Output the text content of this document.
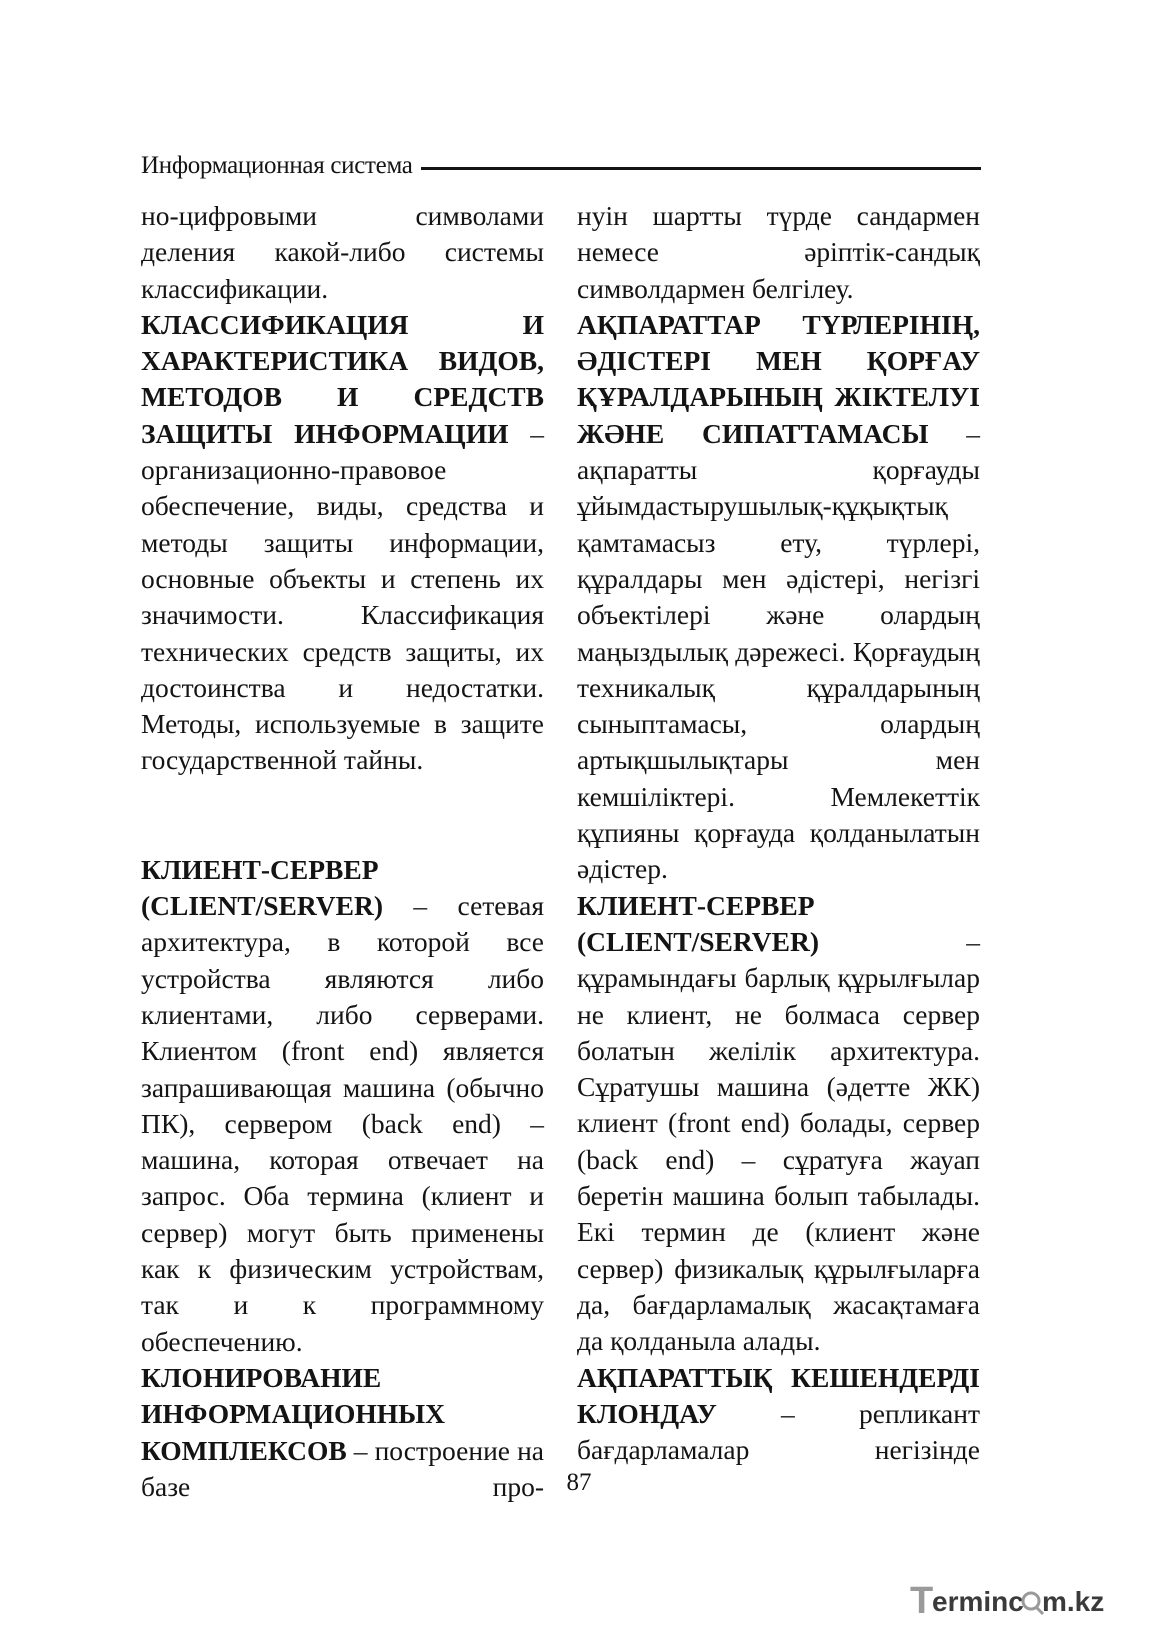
Информационная система

но-цифровыми символами деления какой-либо системы классификации.

КЛАССИФИКАЦИЯ И ХАРАКТЕРИСТИКА ВИДОВ, МЕТОДОВ И СРЕДСТВ ЗАЩИТЫ ИНФОРМАЦИИ – организационно-правовое обеспечение, виды, средства и методы защиты информации, основные объекты и степень их значимости. Классификация технических средств защиты, их достоинства и недостатки. Методы, используемые в защите государственной тайны.

КЛИЕНТ-СЕРВЕР (CLIENT/SERVER) – сетевая архитектура, в которой все устройства являются либо клиентами, либо серверами. Клиентом (front end) является запрашивающая машина (обычно ПК), сервером (back end) – машина, которая отвечает на запрос. Оба термина (клиент и сервер) могут быть применены как к физическим устройствам, так и к программному обеспечению.

КЛОНИРОВАНИЕ ИНФОРМАЦИОННЫХ КОМПЛЕКСОВ – построение на базе про-

нуін шартты түрде сандармен немесе әріптік-сандық символдармен белгілеу.

АҚПАРАТТАР ТҮРЛЕРІНІҢ, ӘДІСТЕРІ МЕН ҚОРҒАУ ҚҰРАЛДАРЫНЫҢ ЖІКТЕЛУІ ЖӘНЕ СИПАТТАМАСЫ – ақпаратты қорғауды ұйымдастырушылық-құқықтық қамтамасыз ету, түрлері, құралдары мен әдістері, негізгі объектілері және олардың маңыздылық дәрежесі. Қорғаудың техникалық құралдарының сыныптамасы, олардың артықшылықтары мен кемшіліктері. Мемлекеттік құпияны қорғауда қолданылатын әдістер.

КЛИЕНТ-СЕРВЕР (CLIENT/SERVER) – құрамындағы барлық құрылғылар не клиент, не болмаса сервер болатын желілік архитектура. Сұратушы машина (әдетте ЖК) клиент (front end) болады, сервер (back end) – сұратуға жауап беретін машина болып табылады. Екі термин де (клиент және сервер) физикалық құрылғыларға да, бағдарламалық жасақтамаға да қолданыла алады.

АҚПАРАТТЫҚ КЕШЕНДЕРДІ КЛОНДАУ – репликант бағдарламалар негізінде

87
T
erminc m.kz
